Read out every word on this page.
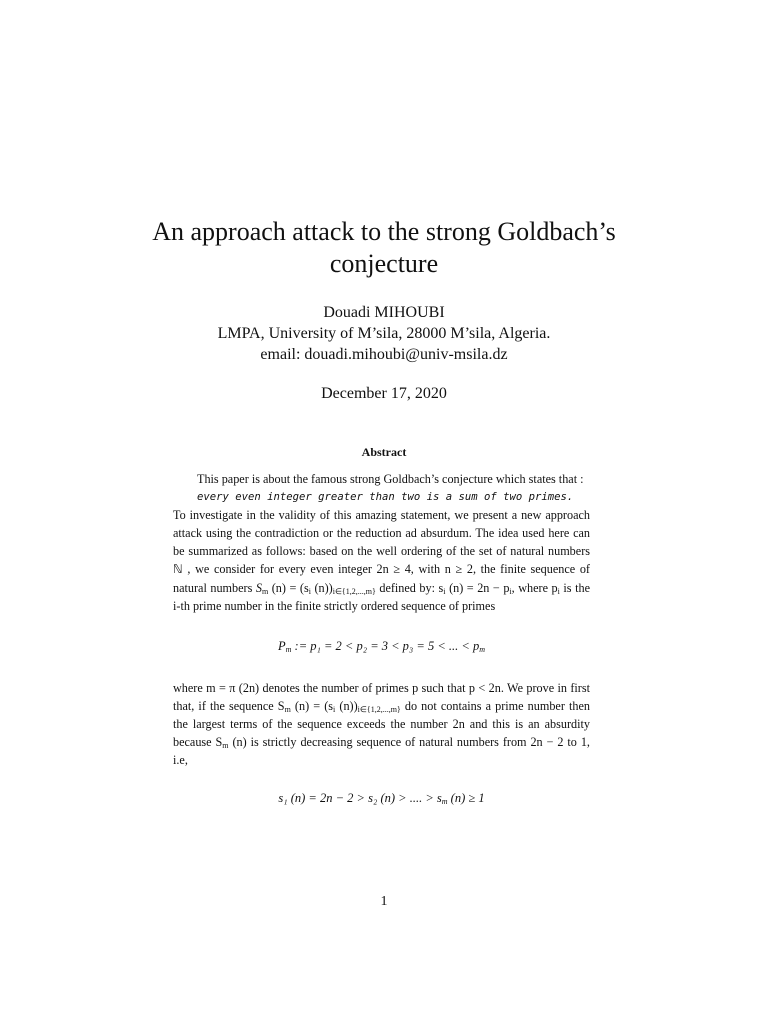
An approach attack to the strong Goldbach’s conjecture
Douadi MIHOUBI
LMPA, University of M’sila, 28000 M’sila, Algeria.
email: douadi.mihoubi@univ-msila.dz
December 17, 2020
Abstract

This paper is about the famous strong Goldbach’s conjecture which states that :

every even integer greater than two is a sum of two primes.

To investigate in the validity of this amazing statement, we present a new approach attack using the contradiction or the reduction ad absurdum. The idea used here can be summarized as follows: based on the well ordering of the set of natural numbers ℕ , we consider for every even integer 2n ≥ 4, with n ≥ 2, the finite sequence of natural numbers $S_m$ $(n) = (s_i$ $(n))_{i\in\{1,2,...,m\}}$ defined by: $s_i$ $(n) = 2n - p_i$, where $p_i$ is the i-th prime number in the finite strictly ordered sequence of primes

$P_m$ := p₁ = 2 < p₂ = 3 < p₃ = 5 < ... < $p_m$

where m = π (2n) denotes the number of primes p such that p < 2n. We prove in first that, if the sequence $S_m$ $(n) = (s_i$ $(n))_{i\in\{1,2,...,m\}}$ do not contains a prime number then the largest terms of the sequence exceeds the number 2n and this is an absurdity because $S_m$ (n) is strictly decreasing sequence of natural numbers from 2n − 2 to 1, i.e,

s₁ (n) = 2n − 2 > s₂ (n) > .... > $s_m$ (n) ≥ 1
1
